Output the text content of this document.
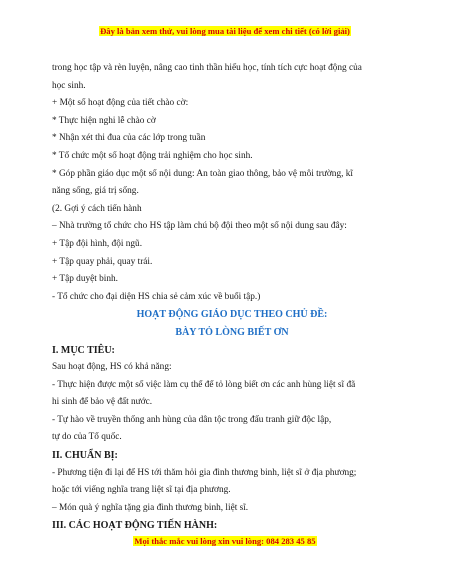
Đây là bản xem thử, vui lòng mua tài liệu để xem chi tiết (có lời giải)
trong học tập và rèn luyện, nâng cao tinh thần hiếu học, tính tích cực hoạt động của
học sinh.
+ Một số hoạt động của tiết chào cờ:
* Thực hiện nghi lễ chào cờ
* Nhận xét thi đua của các lớp trong tuần
* Tổ chức một số hoạt động trải nghiệm cho học sinh.
* Góp phần giáo dục một số nội dung: An toàn giao thông, bảo vệ môi trường, kĩ
năng sống, giá trị sống.
(2. Gợi ý cách tiến hành
– Nhà trường tổ chức cho HS tập làm chú bộ đội theo một số nội dung sau đây:
+ Tập đội hình, đội ngũ.
+ Tập quay phải, quay trái.
+ Tập duyệt binh.
- Tổ chức cho đại diện HS chia sẻ cảm xúc về buổi tập.)
HOẠT ĐỘNG GIÁO DỤC THEO CHỦ ĐỀ:
BÀY TỎ LÒNG BIẾT ƠN
I. MỤC TIÊU:
Sau hoạt động, HS có khả năng:
- Thực hiện được một số việc làm cụ thể để tỏ lòng biết ơn các anh hùng liệt sĩ đã
hi sinh để bảo vệ đất nước.
- Tự hào về truyền thống anh hùng của dân tộc trong đấu tranh giữ độc lập,
tự do của Tổ quốc.
II. CHUẨN BỊ:
- Phương tiện đi lại để HS tới thăm hỏi gia đình thương binh, liệt sĩ ở địa phương;
hoặc tới viếng nghĩa trang liệt sĩ tại địa phương.
– Món quà ý nghĩa tặng gia đình thương binh, liệt sĩ.
III. CÁC HOẠT ĐỘNG TIẾN HÀNH:
Mọi thắc mắc vui lòng xin vui lòng: 084 283 45 85
